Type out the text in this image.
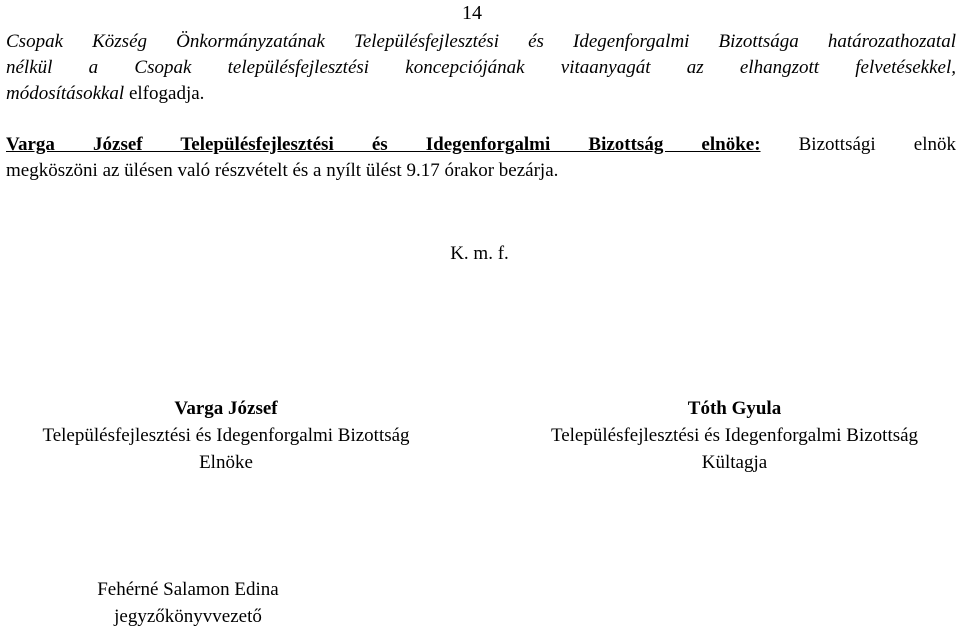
14

Csopak Község Önkormányzatának Településfejlesztési és Idegenforgalmi Bizottsága határozathozatal
nélkül a Csopak településfejlesztési koncepciójának vitaanyagát az elhangzott felvetésekkel,
módosításokkal elfogadja.

Varga József Településfejlesztési és Idegenforgalmi Bizottság elnöke: Bizottsági elnök
megköszöni az ülésen való részvételt és a nyílt ülést 9.17 órakor bezárja.

K. m. f.
Varga József
Településfejlesztési és Idegenforgalmi Bizottság
Elnöke
Tóth Gyula
Településfejlesztési és Idegenforgalmi Bizottság
Kültagja
Fehérné Salamon Edina
jegyzőkönyvvezető
